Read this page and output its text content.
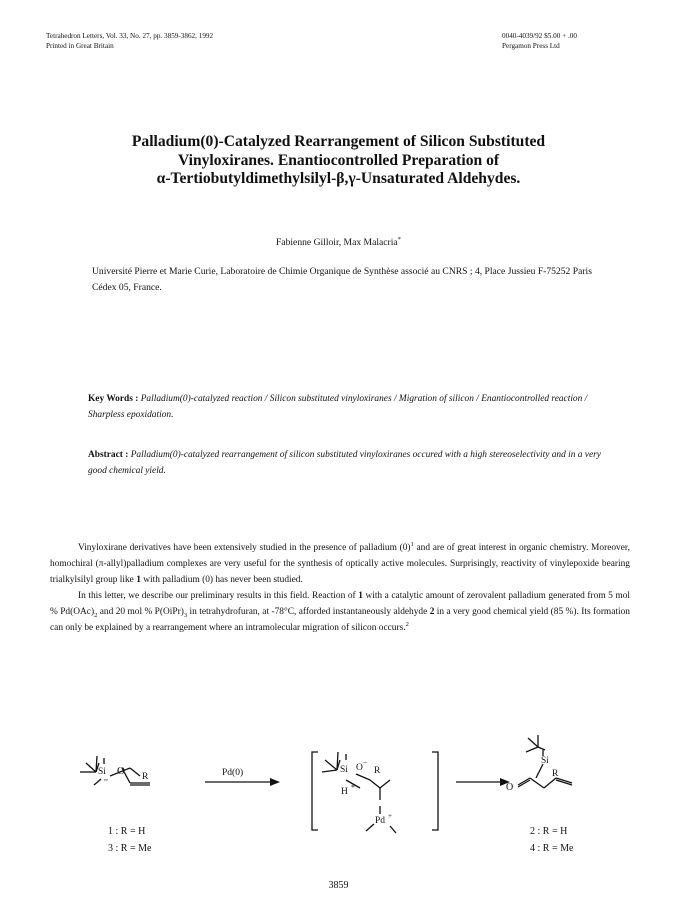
Tetrahedron Letters, Vol. 33, No. 27, pp. 3859-3862, 1992
Printed in Great Britain
0040-4039/92 $5.00 + .00
Pergamon Press Ltd
Palladium(0)-Catalyzed Rearrangement of Silicon Substituted
Vinyloxiranes. Enantiocontrolled Preparation of
α-Tertiobutyldimethylsilyl-β,γ-Unsaturated Aldehydes.
Fabienne Gilloir, Max Malacria*
Université Pierre et Marie Curie, Laboratoire de Chimie Organique de Synthèse associé au CNRS ; 4, Place Jussieu F-75252 Paris Cédex 05, France.
Key Words : Palladium(0)-catalyzed reaction / Silicon substituted vinyloxiranes / Migration of silicon / Enantiocontrolled reaction / Sharpless epoxidation.
Abstract : Palladium(0)-catalyzed rearrangement of silicon substituted vinyloxiranes occured with a high stereoselectivity and in a very good chemical yield.

Vinyloxirane derivatives have been extensively studied in the presence of palladium $(0)^1$ and are of great interest in organic chemistry. Moreover, homochiral (π-allyl)palladium complexes are very useful for the synthesis of optically active molecules. Surprisingly, reactivity of vinylepoxide bearing trialkylsilyl group like 1 with palladium (0) has never been studied.

In this letter, we describe our preliminary results in this field. Reaction of 1 with a catalytic amount of zerovalent palladium generated from 5 mol % $Pd(OAc)_2$ and 20 mol % $P(OiPr)_3$ in tetrahydrofuran, at -78°C, afforded instantaneously aldehyde 2 in a very good chemical yield (85 %). Its formation can only be explained by a rearrangement where an intramolecular migration of silicon occurs.$^2$

Si
,,
O R	Pd(0)	Si O
−
R
H *
Pd +
Si
R
O
1 : R = H
3 : R = Me
2 : R = H
4 : R = Me
3859
